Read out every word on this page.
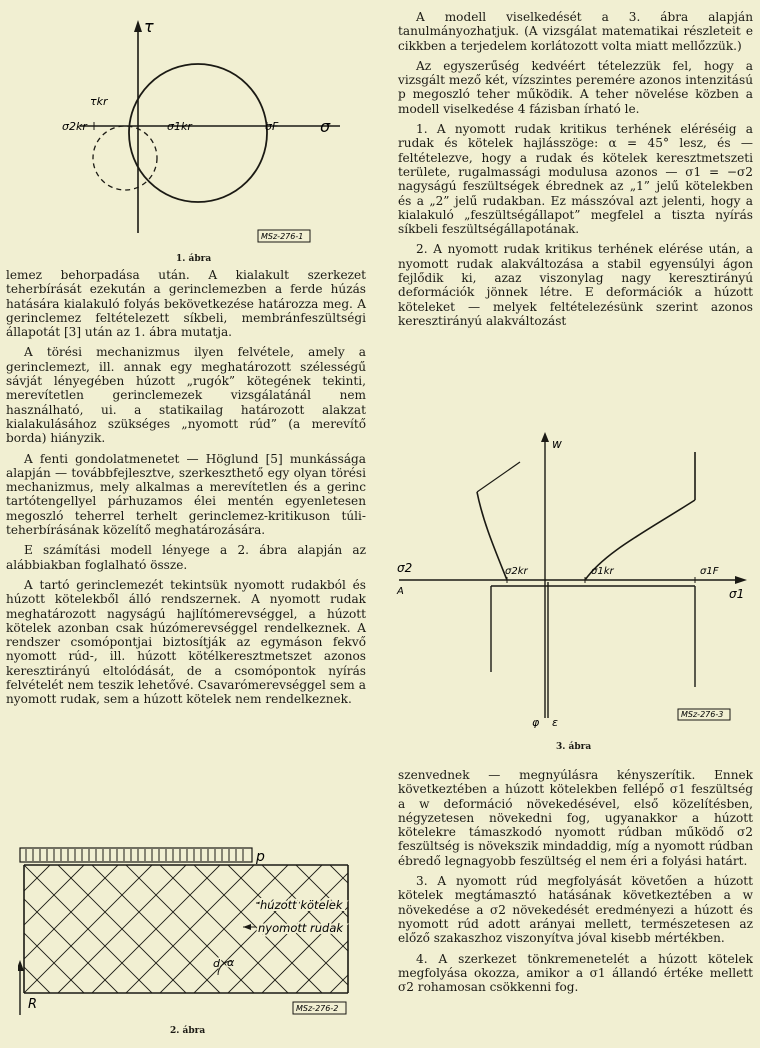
τ
τkr
σ2kr	σ1kr	σF	σ
MSz-276-1
1. ábra

lemez behorpadása után. A kialakult szerkezet teherbírását ezekután a gerinclemezben a ferde húzás hatására kialakuló folyás bekövetkezése határozza meg. A gerinclemez feltételezett síkbeli, membránfeszültségi állapotát [3] után az 1. ábra mutatja.

A törési mechanizmus ilyen felvétele, amely a gerinclemezt, ill. annak egy meghatározott szélességű sávját lényegében húzott „rugók” kötegének tekinti, merevítetlen gerinclemezek vizsgálatánál nem használható, ui. a statikailag határozott alakzat kialakulásához szükséges „nyomott rúd” (a merevítő borda) hiányzik.

A fenti gondolatmenetet — Höglund [5] munkássága alapján — továbbfejlesztve, szerkeszthető egy olyan törési mechanizmus, mely alkalmas a merevítetlen és a gerinc tartótengellyel párhuzamos élei mentén egyenletesen megoszló teherrel terhelt gerinclemez-kritikuson túli-teherbírásának közelítő meghatározására.

E számítási modell lényege a 2. ábra alapján az alábbiakban foglalható össze.

A tartó gerinclemezét tekintsük nyomott rudakból és húzott kötelekből álló rendszernek. A nyomott rudak meghatározott nagyságú hajlítómerevséggel, a húzott kötelek azonban csak húzómerevséggel rendelkeznek. A rendszer csomópontjai biztosítják az egymáson fekvő nyomott rúd-, ill. húzott kötélkeresztmetszet azonos keresztirányú eltolódását, de a csomópontok nyírás felvételét nem teszik lehetővé. Csavarómerevséggel sem a nyomott rudak, sem a húzott kötelek nem rendelkeznek.

p
húzott kötelek
nyomott rudak
d α
R	MSz-276-2
2. ábra

A modell viselkedését a 3. ábra alapján tanulmányozhatjuk. (A vizsgálat matematikai részleteit e cikkben a terjedelem korlátozott volta miatt mellőzzük.)

Az egyszerűség kedvéért tételezzük fel, hogy a vizsgált mező két, vízszintes peremére azonos intenzitású p megoszló teher működik. A teher növelése közben a modell viselkedése 4 fázisban írható le.

1. A nyomott rudak kritikus terhének eléréséig a rudak és kötelek hajlásszöge: α = 45° lesz, és — feltételezve, hogy a rudak és kötelek keresztmetszeti területe, rugalmassági modulusa azonos — σ1 = −σ2 nagyságú feszültségek ébrednek az „1” jelű kötelekben és a „2” jelű rudakban. Ez másszóval azt jelenti, hogy a kialakuló „feszültségállapot” megfelel a tiszta nyírás síkbeli feszültségállapotának.

2. A nyomott rudak kritikus terhének elérése után, a nyomott rudak alakváltozása a stabil egyensúlyi ágon fejlődik ki, azaz viszonylag nagy keresztirányú deformációk jönnek létre. E deformációk a húzott köteleket — melyek feltételezésünk szerint azonos keresztirányú alakváltozást

w
σ2
A
σ2kr	σ1kr	σ1F
σ1
φ ε
MSz-276-3
3. ábra

szenvednek — megnyúlásra kényszerítik. Ennek következtében a húzott kötelekben fellépő σ1 feszültség a w deformáció növekedésével, első közelítésben, négyzetesen növekedni fog, ugyanakkor a húzott kötelekre támaszkodó nyomott rúdban működő σ2 feszültség is növekszik mindaddig, míg a nyomott rúdban ébredő legnagyobb feszültség el nem éri a folyási határt.

3. A nyomott rúd megfolyását követően a húzott kötelek megtámasztó hatásának következtében a w növekedése a σ2 növekedését eredményezi a húzott és nyomott rúd adott arányai mellett, természetesen az előző szakaszhoz viszonyítva jóval kisebb mértékben.

4. A szerkezet tönkremenetelét a húzott kötelek megfolyása okozza, amikor a σ1 állandó értéke mellett σ2 rohamosan csökkenni fog.
